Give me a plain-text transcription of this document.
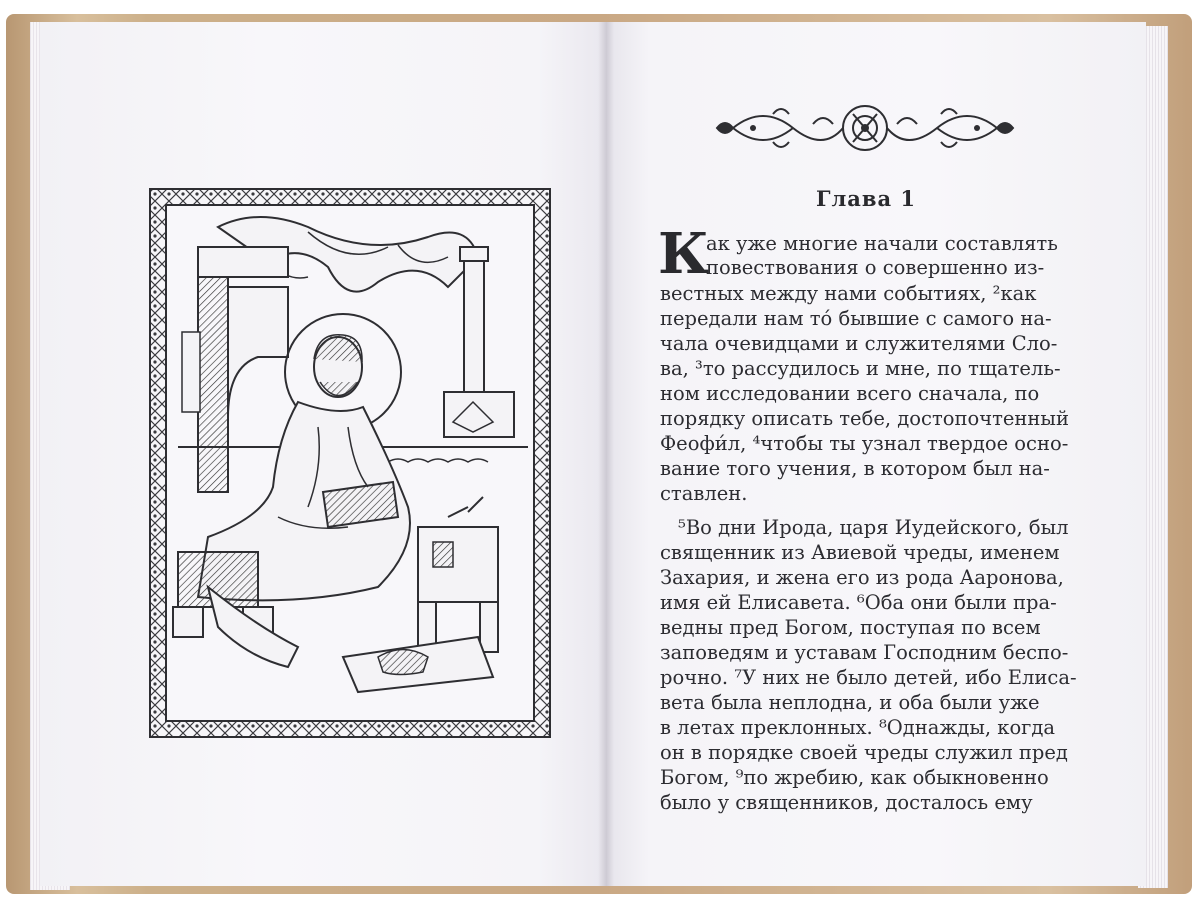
Глава 1
К

ак уже многие начали составлять

повествования о совершенно из-

вестных между нами событиях, ²как

передали нам то́ бывшие с самого на-

чала очевидцами и служителями Сло-

ва, ³то рассудилось и мне, по тщатель-

ном исследовании всего сначала, по

порядку описать тебе, достопочтенный

Феофи́л, ⁴чтобы ты узнал твердое осно-

вание того учения, в котором был на-

ставлен.

⁵Во дни Ирода, царя Иудейского, был

священник из Авиевой чреды, именем

Захария, и жена его из рода Ааронова,

имя ей Елисавета. ⁶Оба они были пра-

ведны пред Богом, поступая по всем

заповедям и уставам Господним беспо-

рочно. ⁷У них не было детей, ибо Елиса-

вета была неплодна, и оба были уже

в летах преклонных. ⁸Однажды, когда

он в порядке своей чреды служил пред

Богом, ⁹по жребию, как обыкновенно

было у священников, досталось ему
